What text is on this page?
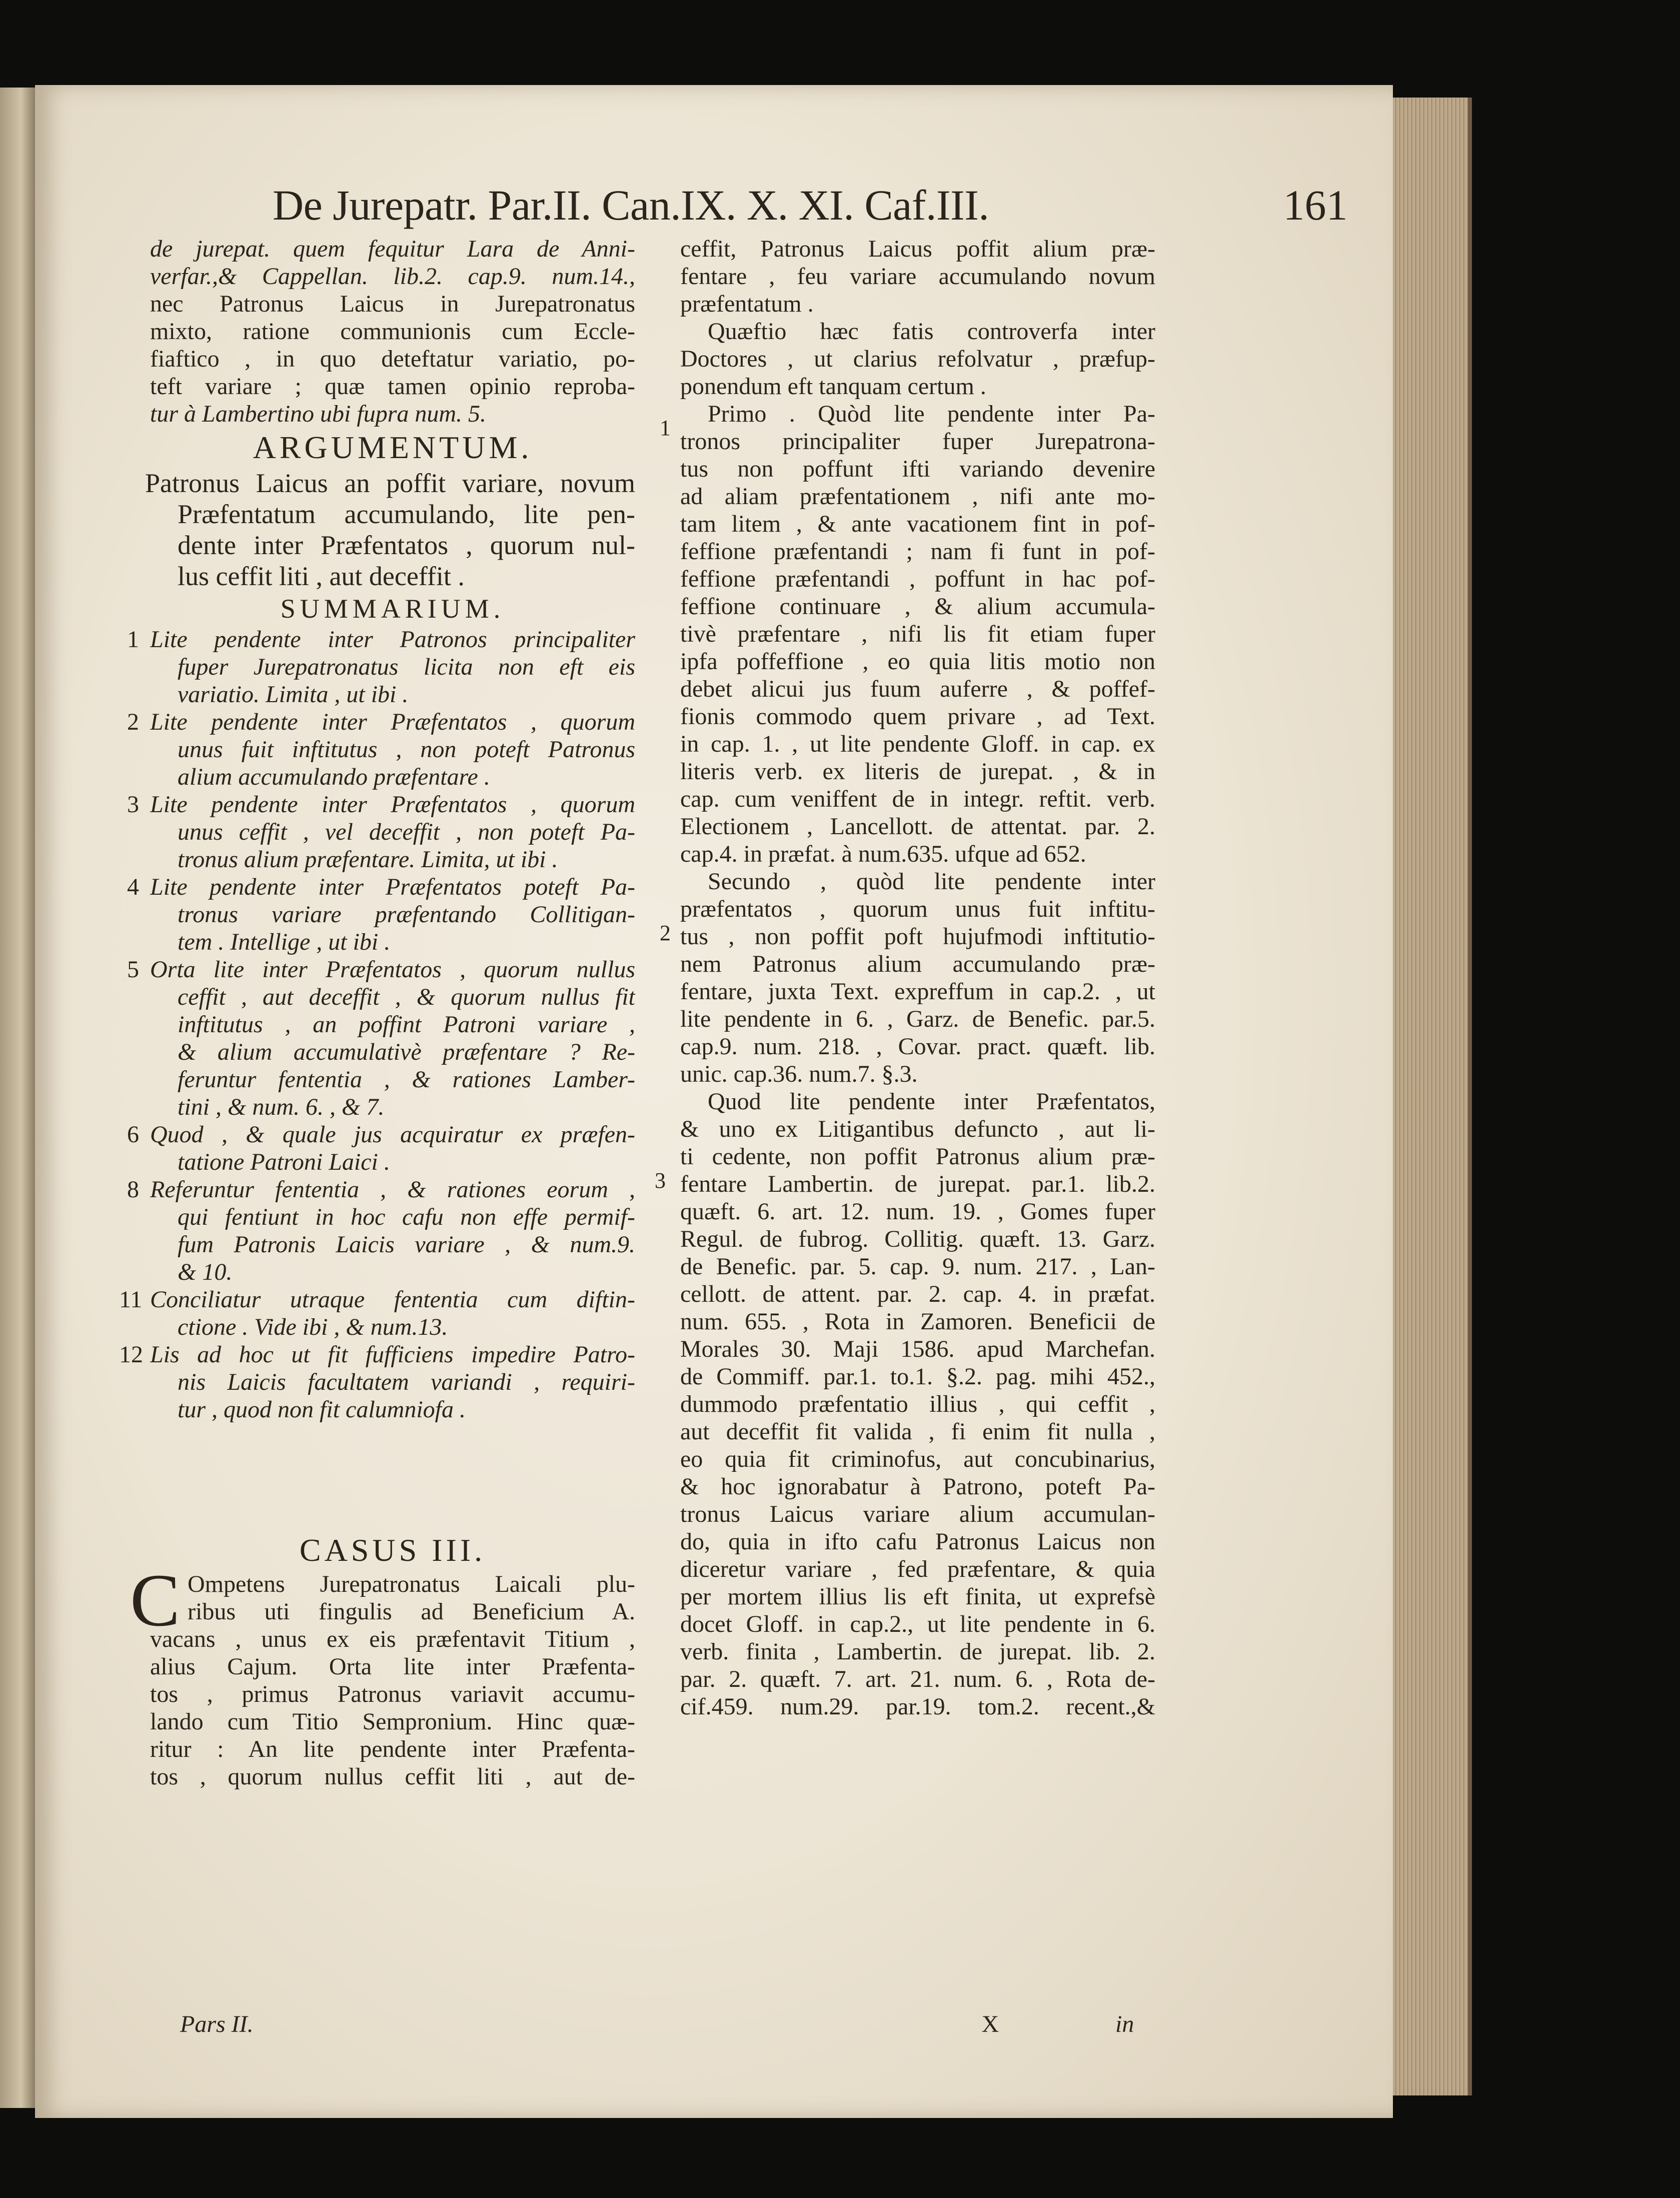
De Jurepatr. Par.II. Can.IX. X. XI. Caf.III.	161
de jurepat. quem fequitur Lara de Anni-
verfar.,& Cappellan. lib.2. cap.9. num.14.,
nec Patronus Laicus in Jurepatronatus
mixto, ratione communionis cum Eccle-
fiaftico , in quo deteftatur variatio, po-
teft variare ; quæ tamen opinio reproba-
tur à Lambertino ubi fupra num. 5.
ARGUMENTUM.
Patronus Laicus an poffit variare, novum
Præfentatum accumulando, lite pen-
dente inter Præfentatos , quorum nul-
lus ceffit liti , aut deceffit .
SUMMARIUM.
1 Lite pendente inter Patronos principaliter
fuper Jurepatronatus licita non eft eis
variatio. Limita , ut ibi .
2 Lite pendente inter Præfentatos , quorum
unus fuit inftitutus , non poteft Patronus
alium accumulando præfentare .
3 Lite pendente inter Præfentatos , quorum
unus ceffit , vel deceffit , non poteft Pa-
tronus alium præfentare. Limita, ut ibi .
4 Lite pendente inter Præfentatos poteft Pa-
tronus variare præfentando Collitigan-
tem . Intellige , ut ibi .
5 Orta lite inter Præfentatos , quorum nullus
ceffit , aut deceffit , & quorum nullus fit
inftitutus , an poffint Patroni variare ,
& alium accumulativè præfentare ? Re-
feruntur fententia , & rationes Lamber-
tini , & num. 6. , & 7.
6 Quod , & quale jus acquiratur ex præfen-
tatione Patroni Laici .
8 Referuntur fententia , & rationes eorum ,
qui fentiunt in hoc cafu non effe permif-
fum Patronis Laicis variare , & num.9.
& 10.
11 Conciliatur utraque fententia cum diftin-
ctione . Vide ibi , & num.13.
12 Lis ad hoc ut fit fufficiens impedire Patro-
nis Laicis facultatem variandi , requiri-
tur , quod non fit calumniofa .
CASUS III.
C Ompetens Jurepatronatus Laicali plu-
ribus uti fingulis ad Beneficium A.
vacans , unus ex eis præfentavit Titium ,
alius Cajum. Orta lite inter Præfenta-
tos , primus Patronus variavit accumu-
lando cum Titio Sempronium. Hinc quæ-
ritur : An lite pendente inter Præfenta-
tos , quorum nullus ceffit liti , aut de-
Pars II.
ceffit, Patronus Laicus poffit alium præ-
fentare , feu variare accumulando novum
præfentatum .
Quæftio hæc fatis controverfa inter
Doctores , ut clarius refolvatur , præfup-
ponendum eft tanquam certum .
Primo . Quòd lite pendente inter Pa-
tronos principaliter fuper Jurepatrona-
tus non poffunt ifti variando devenire
ad aliam præfentationem , nifi ante mo-
tam litem , & ante vacationem fint in pof-
feffione præfentandi ; nam fi funt in pof-
feffione præfentandi , poffunt in hac pof-
feffione continuare , & alium accumula-
tivè præfentare , nifi lis fit etiam fuper
ipfa poffeffione , eo quia litis motio non
debet alicui jus fuum auferre , & poffef-
fionis commodo quem privare , ad Text.
in cap. 1. , ut lite pendente Gloff. in cap. ex
literis verb. ex literis de jurepat. , & in
cap. cum veniffent de in integr. reftit. verb.
Electionem , Lancellott. de attentat. par. 2.
cap.4. in præfat. à num.635. ufque ad 652.
Secundo , quòd lite pendente inter
præfentatos , quorum unus fuit inftitu-
tus , non poffit poft hujufmodi inftitutio-
nem Patronus alium accumulando præ-
fentare, juxta Text. expreffum in cap.2. , ut
lite pendente in 6. , Garz. de Benefic. par.5.
cap.9. num. 218. , Covar. pract. quæft. lib.
unic. cap.36. num.7. §.3.
Quod lite pendente inter Præfentatos,
& uno ex Litigantibus defuncto , aut li-
ti cedente, non poffit Patronus alium præ-
fentare Lambertin. de jurepat. par.1. lib.2.
quæft. 6. art. 12. num. 19. , Gomes fuper
Regul. de fubrog. Collitig. quæft. 13. Garz.
de Benefic. par. 5. cap. 9. num. 217. , Lan-
cellott. de attent. par. 2. cap. 4. in præfat.
num. 655. , Rota in Zamoren. Beneficii de
Morales 30. Maji 1586. apud Marchefan.
de Commiff. par.1. to.1. §.2. pag. mihi 452.,
dummodo præfentatio illius , qui ceffit ,
aut deceffit fit valida , fi enim fit nulla ,
eo quia fit criminofus, aut concubinarius,
& hoc ignorabatur à Patrono, poteft Pa-
tronus Laicus variare alium accumulan-
do, quia in ifto cafu Patronus Laicus non
diceretur variare , fed præfentare, & quia
per mortem illius lis eft finita, ut exprefsè
docet Gloff. in cap.2., ut lite pendente in 6.
verb. finita , Lambertin. de jurepat. lib. 2.
par. 2. quæft. 7. art. 21. num. 6. , Rota de-
cif.459. num.29. par.19. tom.2. recent.,&
1
2
3
X	in
